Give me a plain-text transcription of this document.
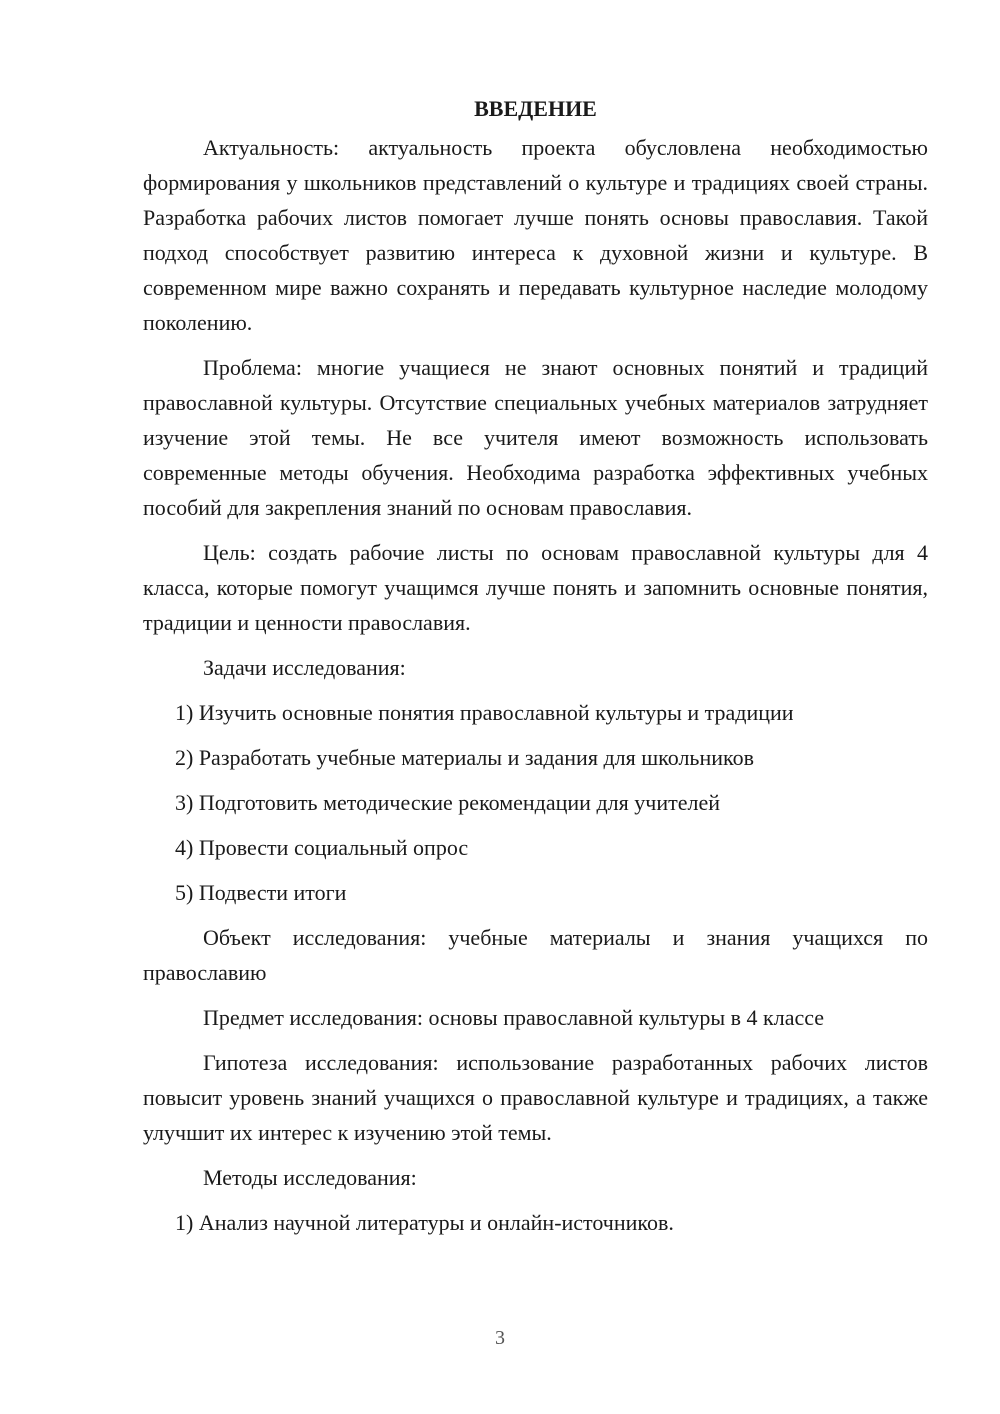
ВВЕДЕНИЕ

Актуальность: актуальность проекта обусловлена необходимостью формирования у школьников представлений о культуре и традициях своей страны. Разработка рабочих листов помогает лучше понять основы православия. Такой подход способствует развитию интереса к духовной жизни и культуре. В современном мире важно сохранять и передавать культурное наследие молодому поколению.

Проблема: многие учащиеся не знают основных понятий и традиций православной культуры. Отсутствие специальных учебных материалов затрудняет изучение этой темы. Не все учителя имеют возможность использовать современные методы обучения. Необходима разработка эффективных учебных пособий для закрепления знаний по основам православия.

Цель: создать рабочие листы по основам православной культуры для 4 класса, которые помогут учащимся лучше понять и запомнить основные понятия, традиции и ценности православия.

Задачи исследования:

1) Изучить основные понятия православной культуры и традиции

2) Разработать учебные материалы и задания для школьников

3) Подготовить методические рекомендации для учителей

4) Провести социальный опрос

5) Подвести итоги

Объект исследования: учебные материалы и знания учащихся по православию

Предмет исследования: основы православной культуры в 4 классе

Гипотеза исследования: использование разработанных рабочих листов повысит уровень знаний учащихся о православной культуре и традициях, а также улучшит их интерес к изучению этой темы.

Методы исследования:

1) Анализ научной литературы и онлайн-источников.

3
